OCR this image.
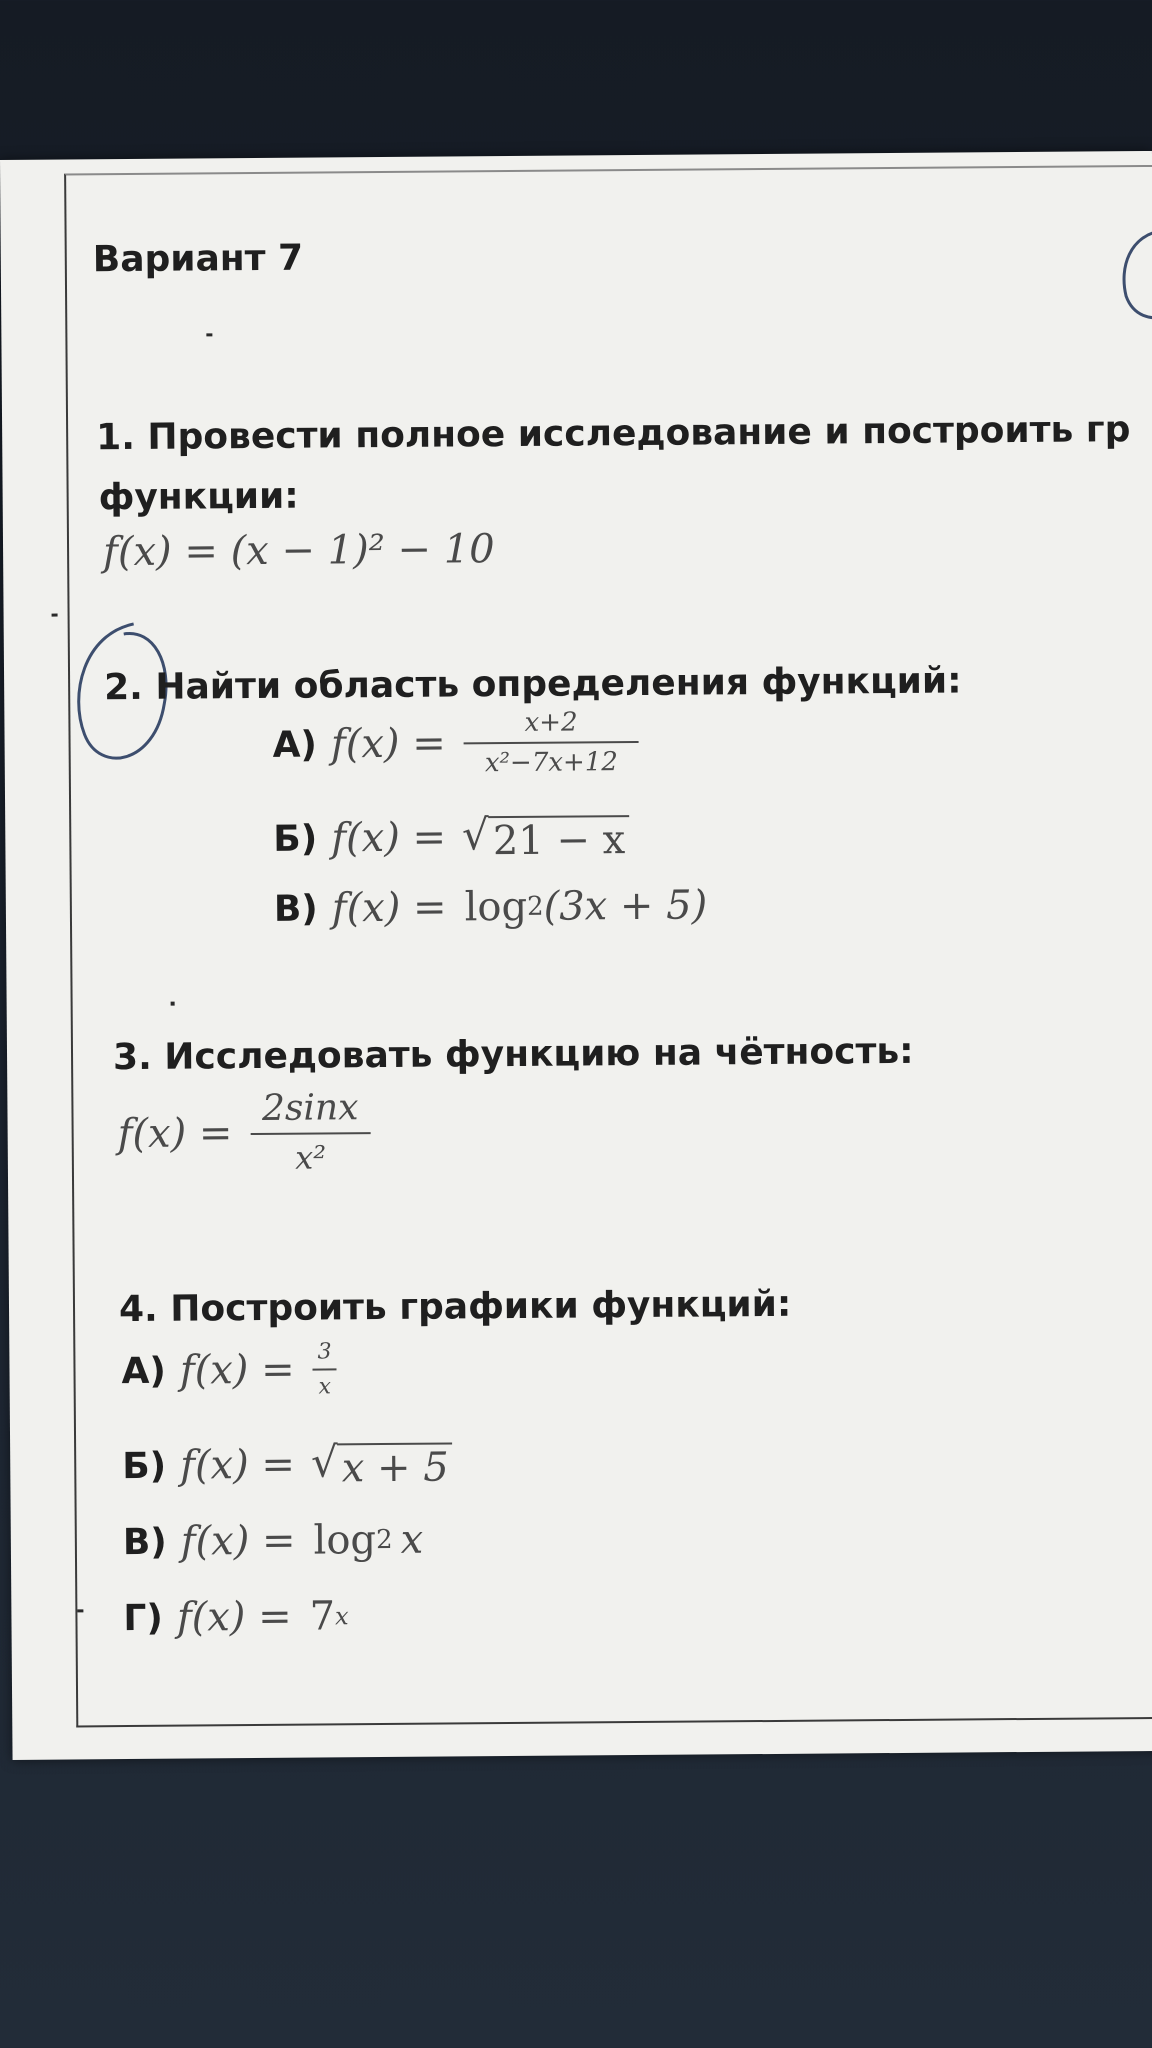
Вариант 7
1. Провести полное исследование и построить гр
функции:
f(x) = (x − 1)² − 10
2. Найти область определения функций:
А) $f(x) = \frac{x+2}{\text{x²−7x+12}}$
Б) f(x) = √ 21 − x
В) f(x) = log 2 (3x + 5)
3. Исследовать функцию на чётность:
$f(x) = \frac{2\sin x}{\text{x²}}$
4. Построить графики функций:
А) $f(x) = \frac{3}{x}$
Б) f(x) = √ x + 5
В) f(x) = log 2 x
Г) f(x) = 7 x
